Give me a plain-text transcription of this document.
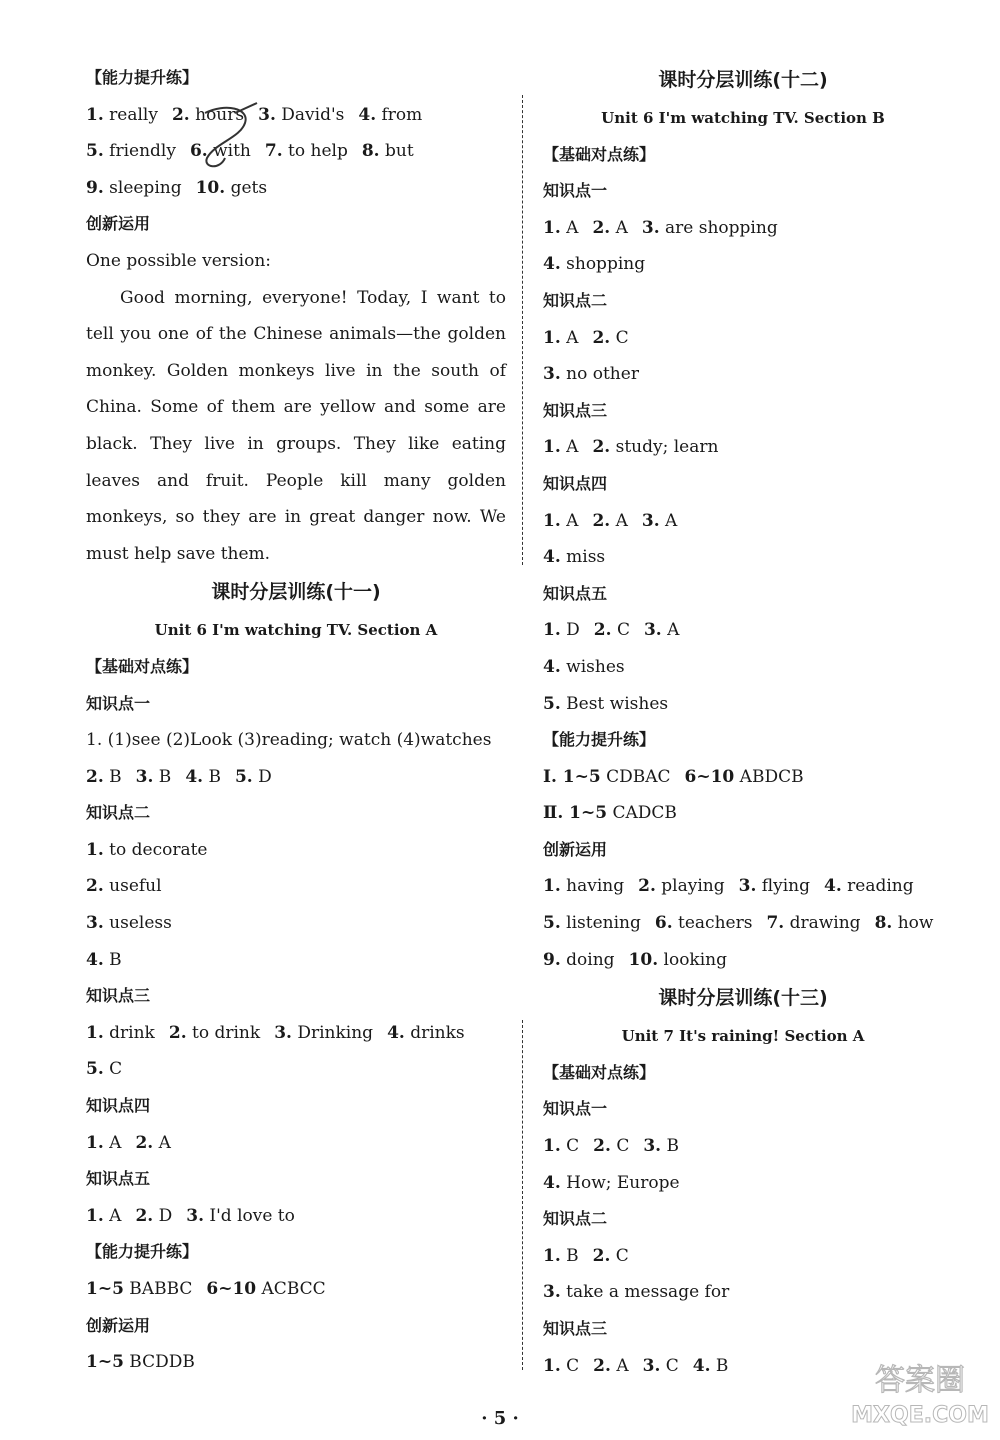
【能力提升练】
1. really 2. hours 3. David's 4. from
5. friendly 6. with 7. to help 8. but
9. sleeping 10. gets
创新运用
One possible version:

Good morning, everyone! Today, I want to tell you one of the Chinese animals—the golden monkey. Golden monkeys live in the south of China. Some of them are yellow and some are black. They live in groups. They like eating leaves and fruit. People kill many golden monkeys, so they are in great danger now. We must help save them.

课时分层训练(十一)
Unit 6 I'm watching TV. Section A
【基础对点练】
知识点一
1. (1)see (2)Look (3)reading; watch (4)watches
2. B 3. B 4. B 5. D
知识点二
1. to decorate
2. useful
3. useless
4. B
知识点三
1. drink 2. to drink 3. Drinking 4. drinks
5. C
知识点四
1. A 2. A
知识点五
1. A 2. D 3. I'd love to
【能力提升练】
1~5 BABBC 6~10 ACBCC
创新运用
1~5 BCDDB
课时分层训练(十二)
Unit 6 I'm watching TV. Section B
【基础对点练】
知识点一
1. A 2. A 3. are shopping
4. shopping
知识点二
1. A 2. C
3. no other
知识点三
1. A 2. study; learn
知识点四
1. A 2. A 3. A
4. miss
知识点五
1. D 2. C 3. A
4. wishes
5. Best wishes
【能力提升练】
Ⅰ. 1~5 CDBAC 6~10 ABDCB
Ⅱ. 1~5 CADCB
创新运用
1. having 2. playing 3. flying 4. reading
5. listening 6. teachers 7. drawing 8. how
9. doing 10. looking
课时分层训练(十三)
Unit 7 It's raining! Section A
【基础对点练】
知识点一
1. C 2. C 3. B
4. How; Europe
知识点二
1. B 2. C
3. take a message for
知识点三
1. C 2. A 3. C 4. B
· 5 ·
答案圈
MXQE.COM
